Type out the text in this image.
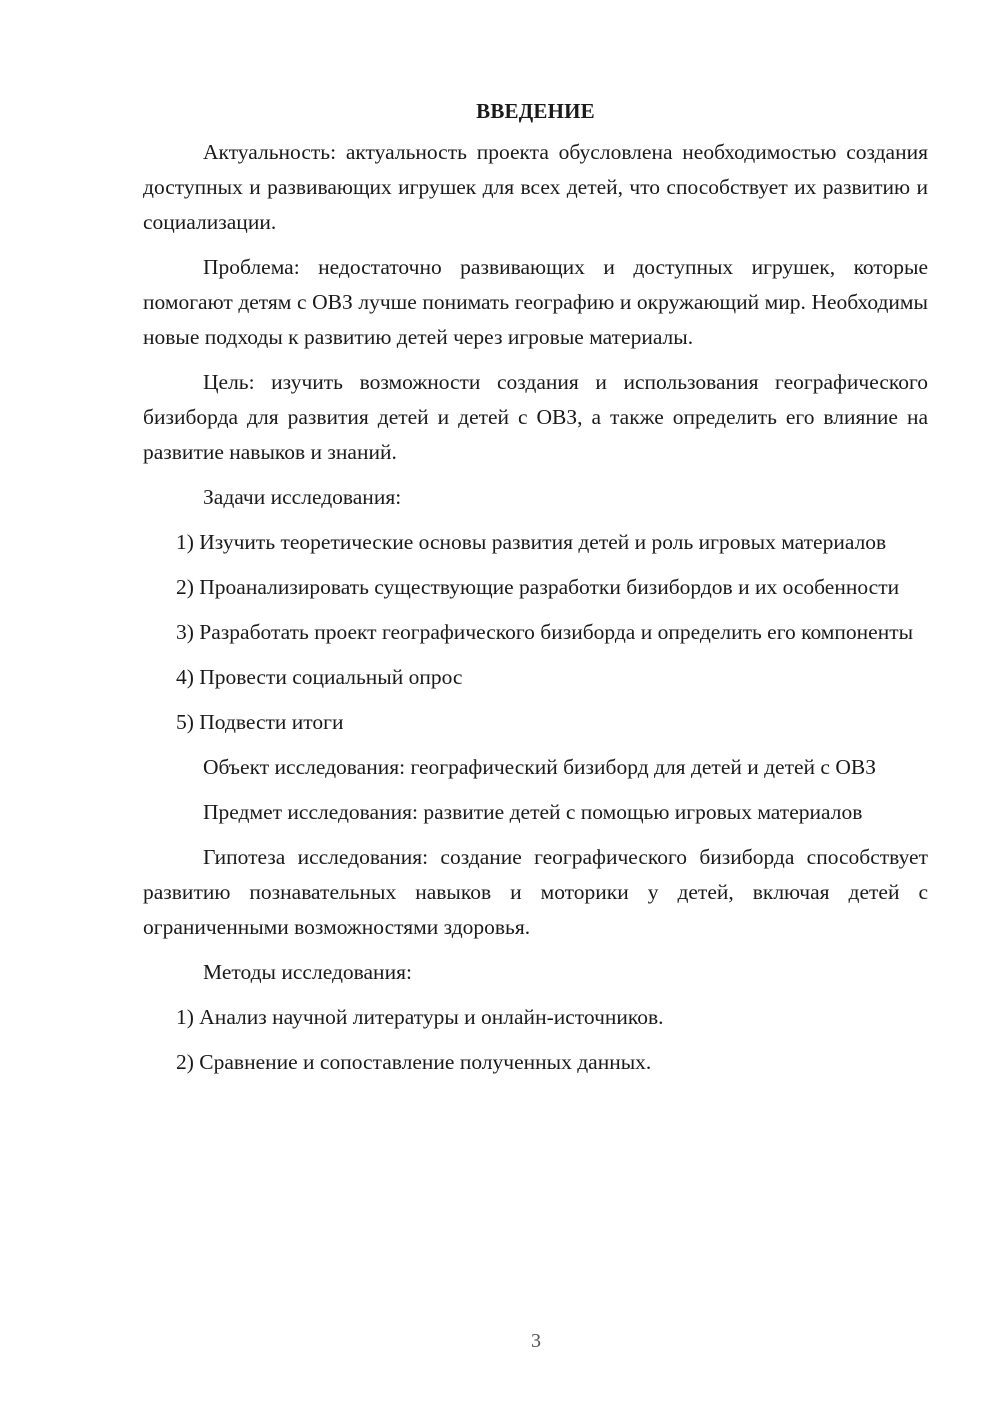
ВВЕДЕНИЕ

Актуальность: актуальность проекта обусловлена необходимостью создания доступных и развивающих игрушек для всех детей, что способствует их развитию и социализации.

Проблема: недостаточно развивающих и доступных игрушек, которые помогают детям с ОВЗ лучше понимать географию и окружающий мир. Необходимы новые подходы к развитию детей через игровые материалы.

Цель: изучить возможности создания и использования географического бизиборда для развития детей и детей с ОВЗ, а также определить его влияние на развитие навыков и знаний.

Задачи исследования:

1) Изучить теоретические основы развития детей и роль игровых материалов

2) Проанализировать существующие разработки бизибордов и их особенности

3) Разработать проект географического бизиборда и определить его компоненты

4) Провести социальный опрос

5) Подвести итоги

Объект исследования: географический бизиборд для детей и детей с ОВЗ

Предмет исследования: развитие детей с помощью игровых материалов

Гипотеза исследования: создание географического бизиборда способствует развитию познавательных навыков и моторики у детей, включая детей с ограниченными возможностями здоровья.

Методы исследования:

1) Анализ научной литературы и онлайн-источников.

2) Сравнение и сопоставление полученных данных.

3
